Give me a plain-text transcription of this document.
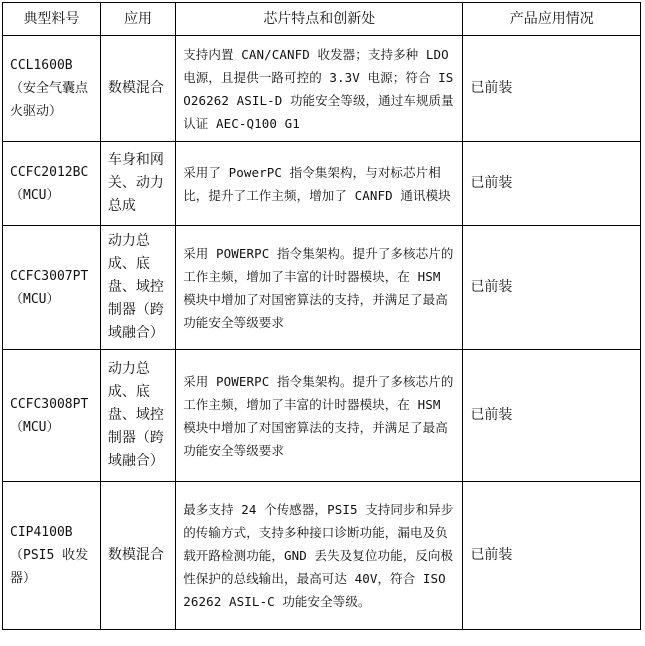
典型料号	应用	芯片特点和创新处	产品应用情况
CCL1600B（安全气囊点火驱动）	数模混合	支持内置 CAN/CANFD 收发器；支持多种 LDO 电源，且提供一路可控的 3.3V 电源；符合 ISO26262 ASIL-D 功能安全等级，通过车规质量认证 AEC-Q100 G1	已前装
CCFC2012BC（MCU）	车身和网关、动力总成	采用了 PowerPC 指令集架构，与对标芯片相比，提升了工作主频，增加了 CANFD 通讯模块	已前装
CCFC3007PT（MCU）	动力总成、底盘、域控制器（跨域融合）	采用 POWERPC 指令集架构。提升了多核芯片的工作主频，增加了丰富的计时器模块，在 HSM 模块中增加了对国密算法的支持，并满足了最高功能安全等级要求	已前装
CCFC3008PT（MCU）	动力总成、底盘、域控制器（跨域融合）	采用 POWERPC 指令集架构。提升了多核芯片的工作主频，增加了丰富的计时器模块，在 HSM 模块中增加了对国密算法的支持，并满足了最高功能安全等级要求	已前装
CIP4100B（PSI5 收发器）	数模混合	最多支持 24 个传感器，PSI5 支持同步和异步的传输方式，支持多种接口诊断功能，漏电及负载开路检测功能，GND 丢失及复位功能，反向极性保护的总线输出，最高可达 40V，符合 ISO 26262 ASIL-C 功能安全等级。	已前装
